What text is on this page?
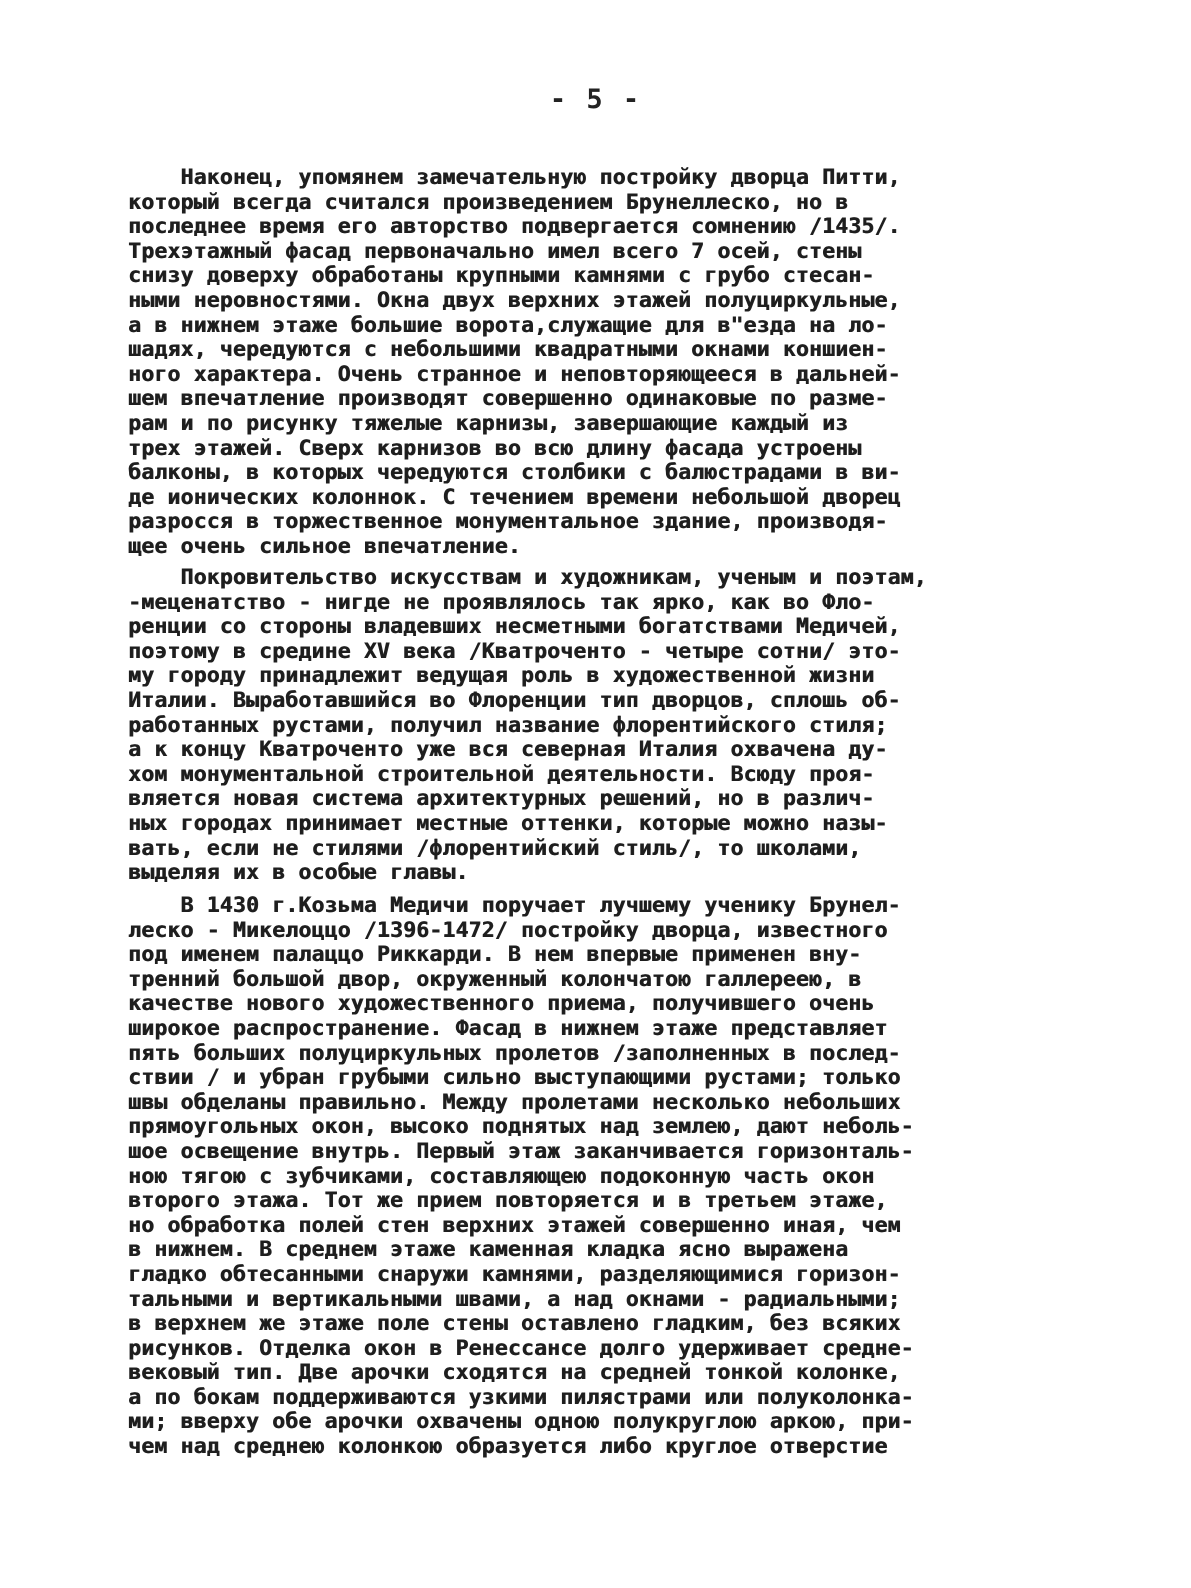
- 5 -
Наконец, упомянем замечательную постройку дворца Питти,
который всегда считался произведением Брунеллеско, но в
последнее время его авторство подвергается сомнению /1435/.
Трехэтажный фасад первоначально имел всего 7 осей, стены
снизу доверху обработаны крупными камнями с грубо стесан-
ными неровностями. Окна двух верхних этажей полуциркульные,
а в нижнем этаже большие ворота,служащие для в"езда на ло-
шадях, чередуются с небольшими квадратными окнами коншиен-
ного характера. Очень странное и неповторяющееся в дальней-
шем впечатление производят совершенно одинаковые по разме-
рам и по рисунку тяжелые карнизы, завершающие каждый из
трех этажей. Сверх карнизов во всю длину фасада устроены
балконы, в которых чередуются столбики с балюстрадами в ви-
де ионических колоннок. С течением времени небольшой дворец
разросся в торжественное монументальное здание, производя-
щее очень сильное впечатление.
Покровительство искусствам и художникам, ученым и поэтам,
-меценатство - нигде не проявлялось так ярко, как во Фло-
ренции со стороны владевших несметными богатствами Медичей,
поэтому в средине ХV века /Кватроченто - четыре сотни/ это-
му городу принадлежит ведущая роль в художественной жизни
Италии. Выработавшийся во Флоренции тип дворцов, сплошь об-
работанных рустами, получил название флорентийского стиля;
а к концу Кватроченто уже вся северная Италия охвачена ду-
хом монументальной строительной деятельности. Всюду проя-
вляется новая система архитектурных решений, но в различ-
ных городах принимает местные оттенки, которые можно назы-
вать, если не стилями /флорентийский стиль/, то школами,
выделяя их в особые главы.
В 1430 г.Козьма Медичи поручает лучшему ученику Брунел-
леско - Микелоццо /1396-1472/ постройку дворца, известного
под именем палаццо Риккарди. В нем впервые применен вну-
тренний большой двор, окруженный колончатою галлереею, в
качестве нового художественного приема, получившего очень
широкое распространение. Фасад в нижнем этаже представляет
пять больших полуциркульных пролетов /заполненных в послед-
ствии / и убран грубыми сильно выступающими рустами; только
швы обделаны правильно. Между пролетами несколько небольших
прямоугольных окон, высоко поднятых над землею, дают неболь-
шое освещение внутрь. Первый этаж заканчивается горизонталь-
ною тягою с зубчиками, составляющею подоконную часть окон
второго этажа. Тот же прием повторяется и в третьем этаже,
но обработка полей стен верхних этажей совершенно иная, чем
в нижнем. В среднем этаже каменная кладка ясно выражена
гладко обтесанными снаружи камнями, разделяющимися горизон-
тальными и вертикальными швами, а над окнами - радиальными;
в верхнем же этаже поле стены оставлено гладким, без всяких
рисунков. Отделка окон в Ренессансе долго удерживает средне-
вековый тип. Две арочки сходятся на средней тонкой колонке,
а по бокам поддерживаются узкими пилястрами или полуколонка-
ми; вверху обе арочки охвачены одною полукруглою аркою, при-
чем над среднею колонкою образуется либо круглое отверстие
